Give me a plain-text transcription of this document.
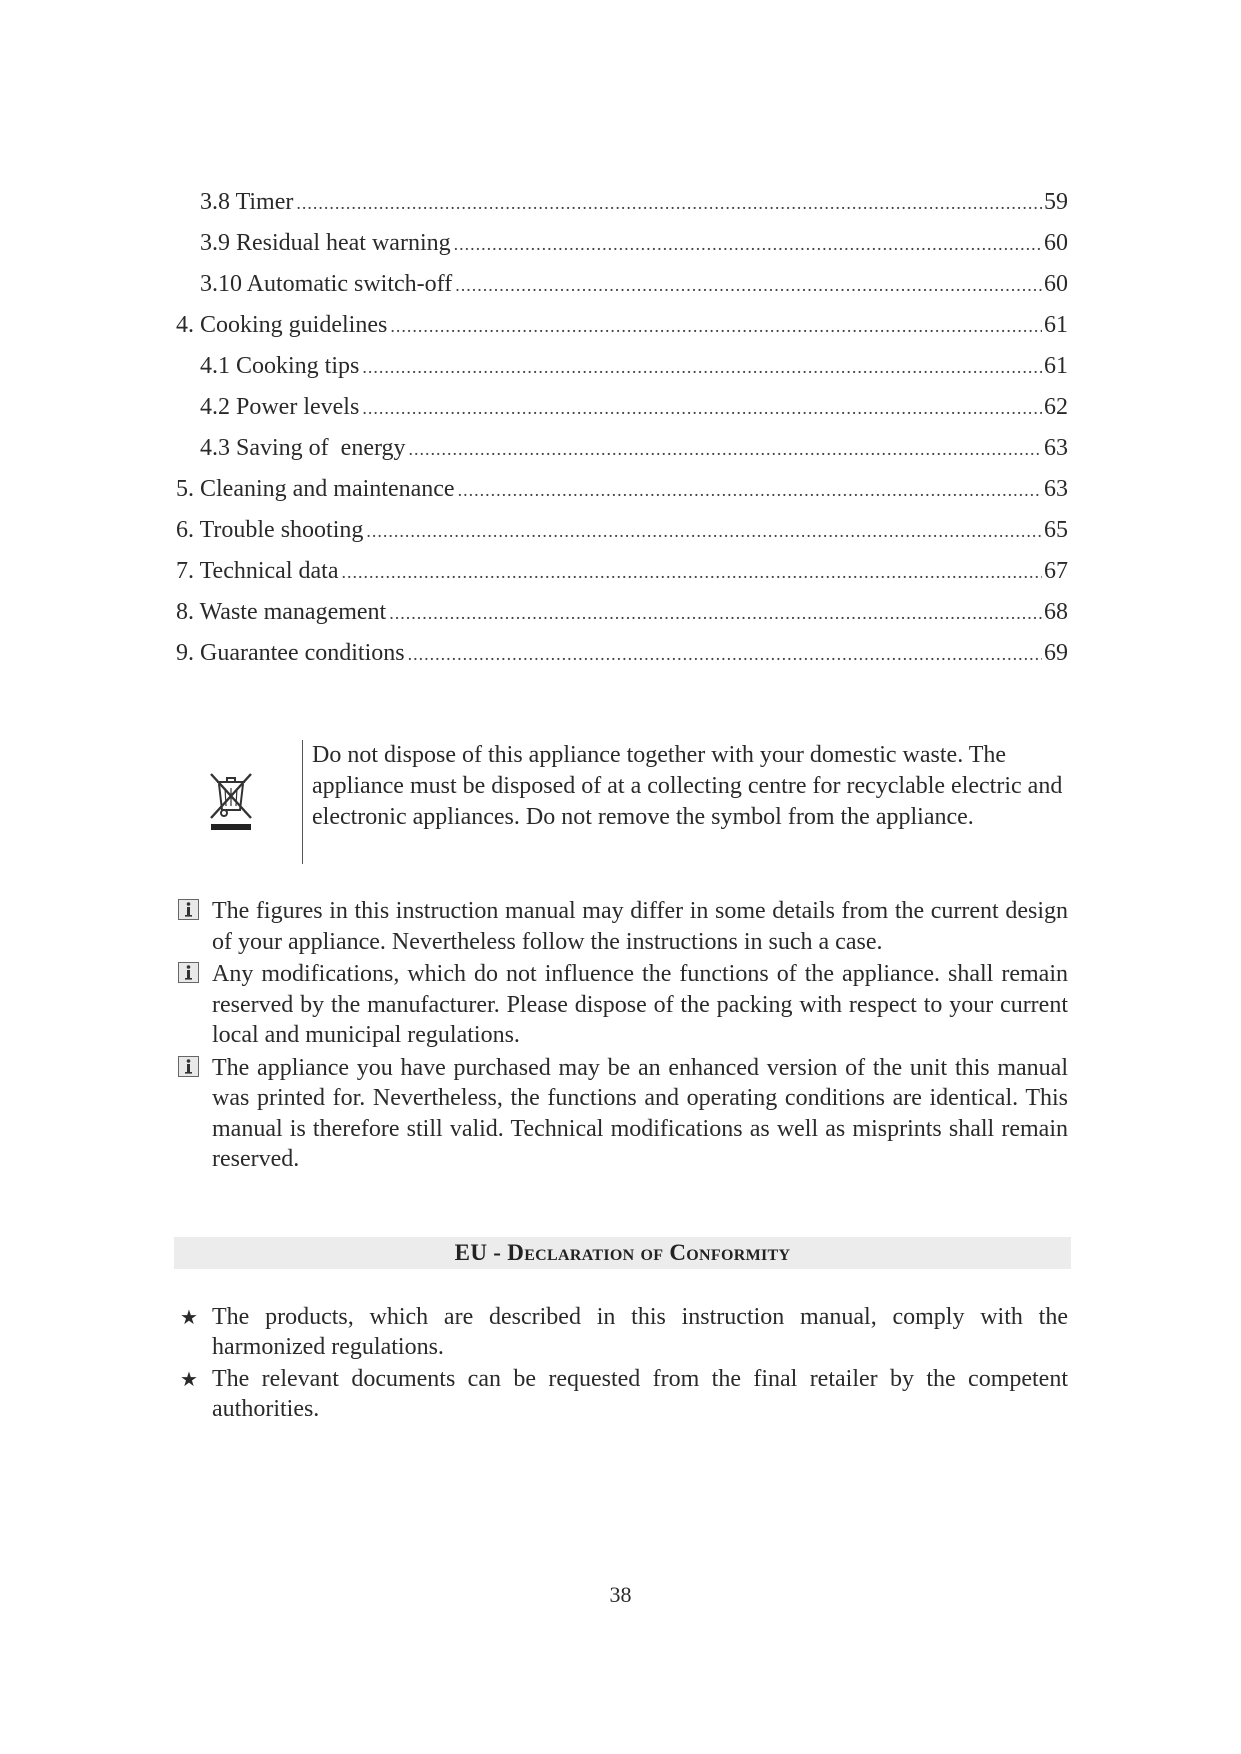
3.8 Timer .....	59
3.9 Residual heat warning .....	60
3.10 Automatic switch-off .....	60
4. Cooking guidelines .....	61
4.1 Cooking tips .....	61
4.2 Power levels .....	62
4.3 Saving of  energy .....	63
5. Cleaning and maintenance .....	63
6. Trouble shooting .....	65
7. Technical data .....	67
8. Waste management .....	68
9. Guarantee conditions .....	69
Do not dispose of this appliance together with your domestic waste. The appliance must be disposed of at a collecting centre for recyclable electric and electronic appliances. Do not remove the symbol from the appliance.

The figures in this instruction manual may differ in some details from the current design of your appliance. Nevertheless follow the instructions in such a case.

Any modifications, which do not influence the functions of the appliance. shall remain reserved by the manufacturer. Please dispose of the packing with respect to your current local and municipal regulations.

The appliance you have purchased may be an enhanced version of the unit this manual was printed for. Nevertheless, the functions and operating conditions are identical. This manual is therefore still valid. Technical modifications as well as misprints shall remain reserved.

EU - Declaration of Conformity
★ The products, which are described in this instruction manual, comply with the harmonized regulations.

★ The relevant documents can be requested from the final retailer by the competent authorities.

38
